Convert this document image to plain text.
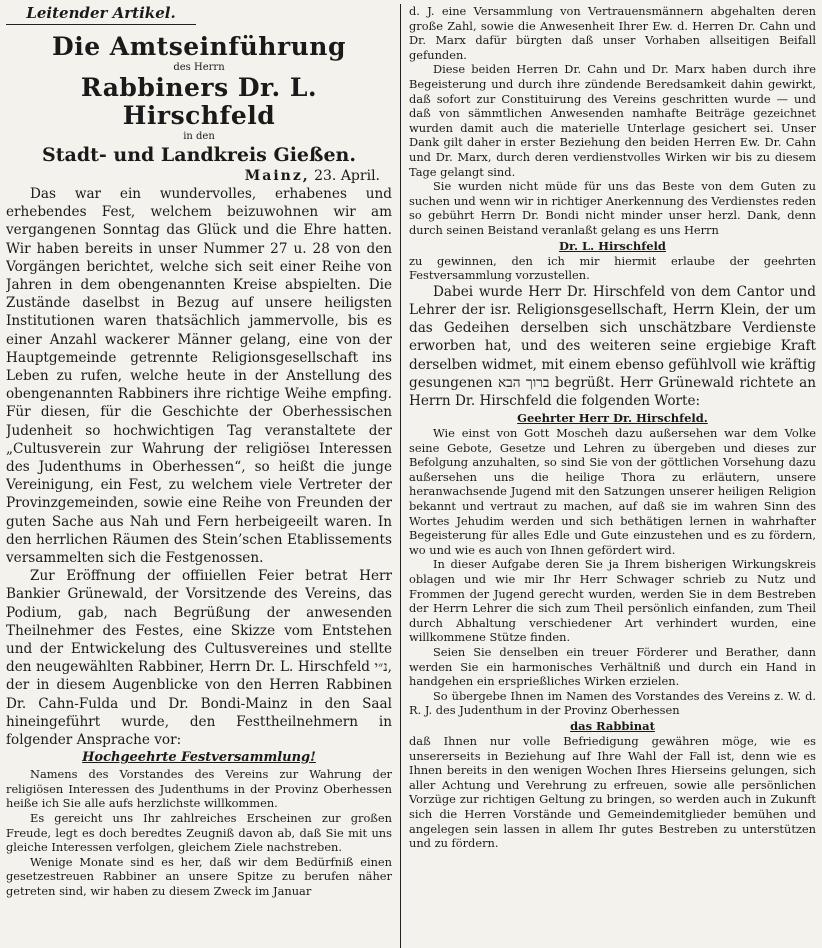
Leitender Artikel.
Die Amtseinführung
des Herrn
Rabbiners Dr. L. Hirschfeld
in den
Stadt- und Landkreis Gießen.
Mainz, 23. April.

Das war ein wundervolles, erhabenes und erhebendes Fest, welchem beizuwohnen wir am vergangenen Sonntag das Glück und die Ehre hatten. Wir haben bereits in unser Nummer 27 u. 28 von den Vorgängen berichtet, welche sich seit einer Reihe von Jahren in dem obengenannten Kreise abspielten. Die Zustände daselbst in Bezug auf unsere heiligsten Institutionen waren thatsächlich jammervolle, bis es einer Anzahl wackerer Männer gelang, eine von der Hauptgemeinde getrennte Religionsgesellschaft ins Leben zu rufen, welche heute in der Anstellung des obengenannten Rabbiners ihre richtige Weihe empfing. Für diesen, für die Geschichte der Oberhessischen Judenheit so hochwichtigen Tag veranstaltete der „Cultusverein zur Wahrung der religiöseı Interessen des Judenthums in Oberhessen“, so heißt die junge Vereinigung, ein Fest, zu welchem viele Vertreter der Provinzgemeinden, sowie eine Reihe von Freunden der guten Sache aus Nah und Fern herbeigeeilt waren. In den herrlichen Räumen des Stein’schen Etablissements versammelten sich die Festgenossen.

Zur Eröffnung der offiıiellen Feier betrat Herr Bankier Grünewald, der Vorsitzende des Vereins, das Podium, gab, nach Begrüßung der anwesenden Theilnehmer des Festes, eine Skizze vom Entstehen und der Entwickelung des Cultusvereines und stellte den neugewählten Rabbiner, Herrn Dr. L. Hirschfeld נ״י, der in diesem Augenblicke von den Herren Rabbinen Dr. Cahn-Fulda und Dr. Bondi-Mainz in den Saal hineingeführt wurde, den Festtheilnehmern in folgender Ansprache vor:

Hochgeehrte Festversammlung!

Namens des Vorstandes des Vereins zur Wahrung der religiösen Interessen des Judenthums in der Provinz Oberhessen heiße ich Sie alle aufs herzlichste willkommen.

Es gereicht uns Ihr zahlreiches Erscheinen zur großen Freude, legt es doch beredtes Zeugniß davon ab, daß Sie mit uns gleiche Interessen verfolgen, gleichem Ziele nachstreben.

Wenige Monate sind es her, daß wir dem Bedürfniß einen gesetzestreuen Rabbiner an unsere Spitze zu berufen näher getreten sind, wir haben zu diesem Zweck im Januar

d. J. eine Versammlung von Vertrauensmännern abgehalten deren große Zahl, sowie die Anwesenheit Ihrer Ew. d. Herren Dr. Cahn und Dr. Marx dafür bürgten daß unser Vorhaben allseitigen Beifall gefunden.

Diese beiden Herren Dr. Cahn und Dr. Marx haben durch ihre Begeisterung und durch ihre zündende Beredsamkeit dahin gewirkt, daß sofort zur Constituirung des Vereins geschritten wurde — und daß von sämmtlichen Anwesenden namhafte Beiträge gezeichnet wurden damit auch die materielle Unterlage gesichert sei. Unser Dank gilt daher in erster Beziehung den beiden Herren Ew. Dr. Cahn und Dr. Marx, durch deren verdienstvolles Wirken wir bis zu diesem Tage gelangt sind.

Sie wurden nicht müde für uns das Beste von dem Guten zu suchen und wenn wir in richtiger Anerkennung des Verdienstes reden so gebührt Herrn Dr. Bondi nicht minder unser herzl. Dank, denn durch seinen Beistand veranlaßt gelang es uns Herrn

Dr. L. Hirschfeld

zu gewinnen, den ich mir hiermit erlaube der geehrten Festversammlung vorzustellen.

Dabei wurde Herr Dr. Hirschfeld von dem Cantor und Lehrer der isr. Religionsgesellschaft, Herrn Klein, der um das Gedeihen derselben sich unschätzbare Verdienste erworben hat, und des weiteren seine ergiebige Kraft derselben widmet, mit einem ebenso gefühlvoll wie kräftig gesungenen ברוך הבא begrüßt. Herr Grünewald richtete an Herrn Dr. Hirschfeld die folgenden Worte:

Geehrter Herr Dr. Hirschfeld.

Wie einst von Gott Moscheh dazu außersehen war dem Volke seine Gebote, Gesetze und Lehren zu übergeben und dieses zur Befolgung anzuhalten, so sind Sie von der göttlichen Vorsehung dazu außersehen uns die heilige Thora zu erläutern, unsere heranwachsende Jugend mit den Satzungen unserer heiligen Religion bekannt und vertraut zu machen, auf daß sie im wahren Sinn des Wortes Jehudim werden und sich bethätigen lernen in wahrhafter Begeisterung für alles Edle und Gute einzustehen und es zu fördern, wo und wie es auch von Ihnen gefördert wird.

In dieser Aufgabe deren Sie ja Ihrem bisherigen Wirkungskreis oblagen und wie mir Ihr Herr Schwager schrieb zu Nutz und Frommen der Jugend gerecht wurden, werden Sie in dem Bestreben der Herrn Lehrer die sich zum Theil persönlich einfanden, zum Theil durch Abhaltung verschiedener Art verhindert wurden, eine willkommene Stütze finden.

Seien Sie denselben ein treuer Förderer und Berather, dann werden Sie ein harmonisches Verhältniß und durch ein Hand in handgehen ein ersprießliches Wirken erzielen.

So übergebe Ihnen im Namen des Vorstandes des Vereins z. W. d. R. J. des Judenthum in der Provinz Oberhessen

das Rabbinat

daß Ihnen nur volle Befriedigung gewähren möge, wie es unsererseits in Beziehung auf Ihre Wahl der Fall ist, denn wie es Ihnen bereits in den wenigen Wochen Ihres Hierseins gelungen, sich aller Achtung und Verehrung zu erfreuen, sowie alle persönlichen Vorzüge zur richtigen Geltung zu bringen, so werden auch in Zukunft sich die Herren Vorstände und Gemeindemitglieder bemühen und angelegen sein lassen in allem Ihr gutes Bestreben zu unterstützen und zu fördern.
